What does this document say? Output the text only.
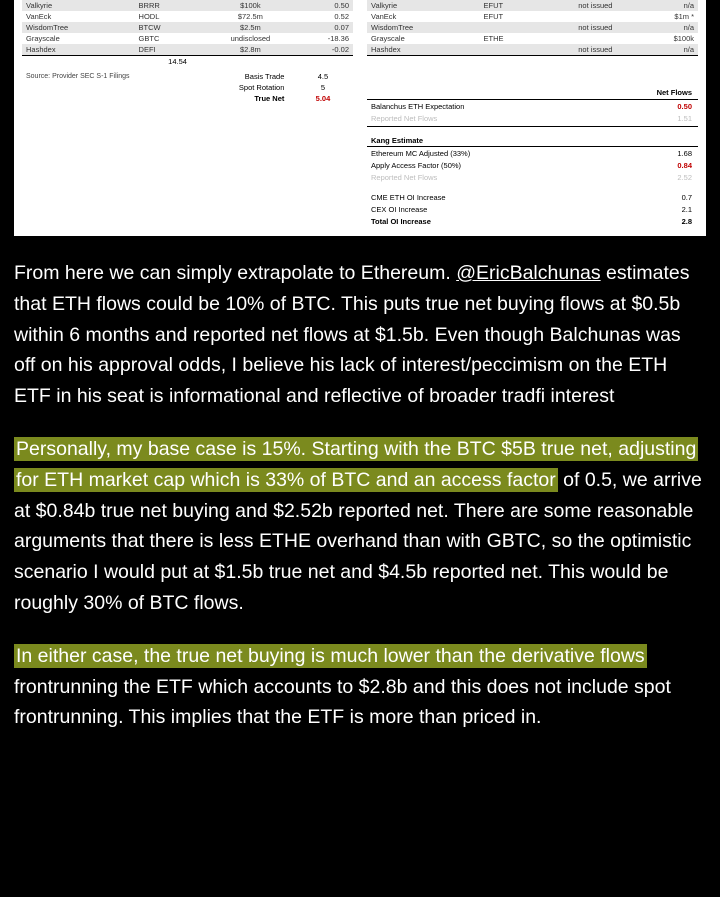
Valkyrie	BRRR	$100k	0.50
VanEck	HODL	$72.5m	0.52
WisdomTree	BTCW	$2.5m	0.07
Grayscale	GBTC	undisclosed	-18.36
Hashdex	DEFI	$2.8m	-0.02
14.54
Source: Provider SEC S-1 Filings	Basis Trade	4.5
Spot Rotation	5
True Net	5.04
Valkyrie	EFUT	not issued	n/a
VanEck	EFUT		$1m *
WisdomTree		not issued	n/a
Grayscale	ETHE		$100k
Hashdex		not issued	n/a
Net Flows
Balanchus ETH Expectation	0.50
Reported Net Flows	1.51
Kang Estimate
Ethereum MC Adjusted (33%)	1.68
Apply Access Factor (50%)	0.84
Reported Net Flows	2.52
CME ETH OI Increase	0.7
CEX OI Increase	2.1
Total OI Increase	2.8

From here we can simply extrapolate to Ethereum. @EricBalchunas estimates that ETH flows could be 10% of BTC. This puts true net buying flows at $0.5b within 6 months and reported net flows at $1.5b. Even though Balchunas was off on his approval odds, I believe his lack of interest/peccimism on the ETH ETF in his seat is informational and reflective of broader tradfi interest

Personally, my base case is 15%. Starting with the BTC $5B true net, adjusting for ETH market cap which is 33% of BTC and an access factor of 0.5, we arrive at $0.84b true net buying and $2.52b reported net. There are some reasonable arguments that there is less ETHE overhand than with GBTC, so the optimistic scenario I would put at $1.5b true net and $4.5b reported net. This would be roughly 30% of BTC flows.

In either case, the true net buying is much lower than the derivative flows frontrunning the ETF which accounts to $2.8b and this does not include spot frontrunning. This implies that the ETF is more than priced in.
